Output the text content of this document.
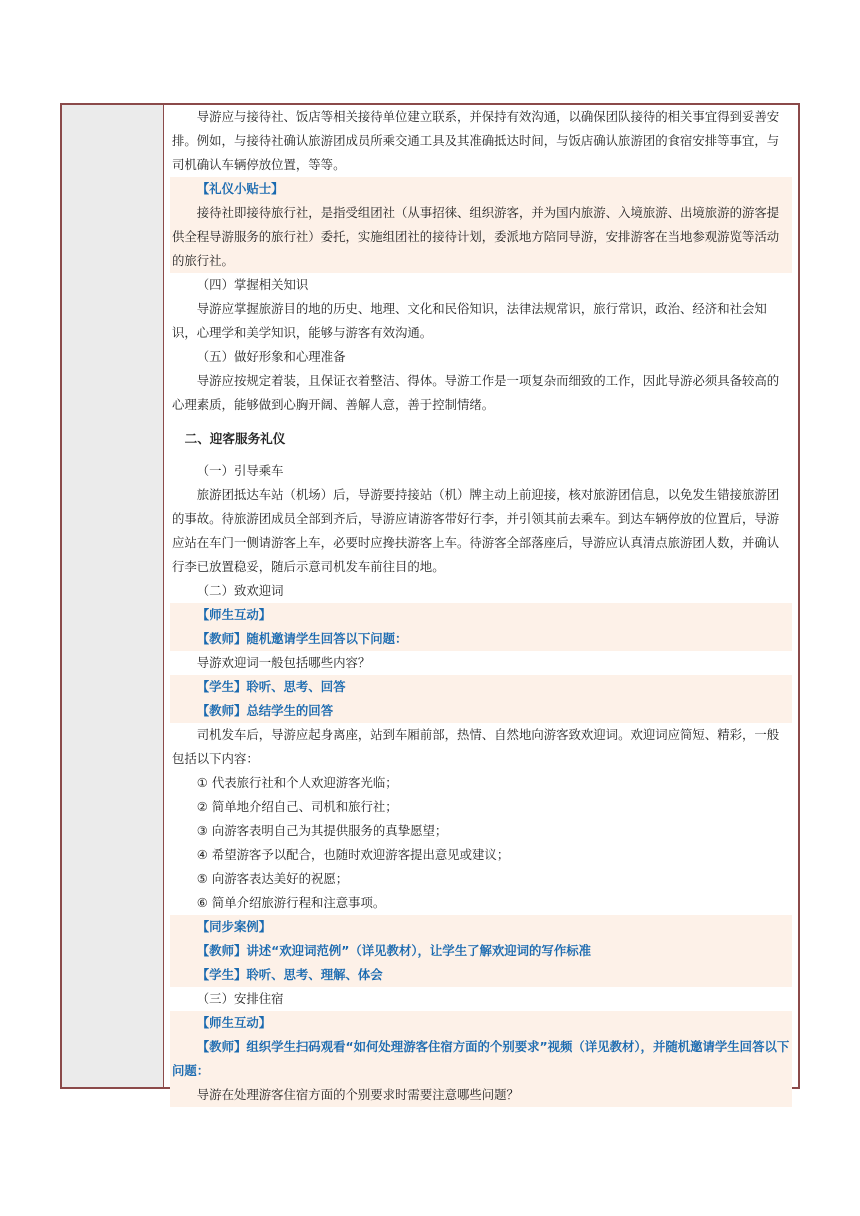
导游应与接待社、饭店等相关接待单位建立联系，并保持有效沟通，以确保团队接待的相关事宜得到妥善安排。例如，与接待社确认旅游团成员所乘交通工具及其准确抵达时间，与饭店确认旅游团的食宿安排等事宜，与司机确认车辆停放位置，等等。

【礼仪小贴士】

接待社即接待旅行社，是指受组团社（从事招徕、组织游客，并为国内旅游、入境旅游、出境旅游的游客提供全程导游服务的旅行社）委托，实施组团社的接待计划，委派地方陪同导游，安排游客在当地参观游览等活动的旅行社。

（四）掌握相关知识

导游应掌握旅游目的地的历史、地理、文化和民俗知识，法律法规常识，旅行常识，政治、经济和社会知识，心理学和美学知识，能够与游客有效沟通。

（五）做好形象和心理准备

导游应按规定着装，且保证衣着整洁、得体。导游工作是一项复杂而细致的工作，因此导游必须具备较高的心理素质，能够做到心胸开阔、善解人意，善于控制情绪。

二、迎客服务礼仪

（一）引导乘车

旅游团抵达车站（机场）后，导游要持接站（机）牌主动上前迎接，核对旅游团信息，以免发生错接旅游团的事故。待旅游团成员全部到齐后，导游应请游客带好行李，并引领其前去乘车。到达车辆停放的位置后，导游应站在车门一侧请游客上车，必要时应搀扶游客上车。待游客全部落座后，导游应认真清点旅游团人数，并确认行李已放置稳妥，随后示意司机发车前往目的地。

（二）致欢迎词

【师生互动】

【教师】随机邀请学生回答以下问题：

导游欢迎词一般包括哪些内容？

【学生】聆听、思考、回答

【教师】总结学生的回答

司机发车后，导游应起身离座，站到车厢前部，热情、自然地向游客致欢迎词。欢迎词应简短、精彩，一般包括以下内容：

① 代表旅行社和个人欢迎游客光临；

② 简单地介绍自己、司机和旅行社；

③ 向游客表明自己为其提供服务的真挚愿望；

④ 希望游客予以配合，也随时欢迎游客提出意见或建议；

⑤ 向游客表达美好的祝愿；

⑥ 简单介绍旅游行程和注意事项。

【同步案例】

【教师】讲述“欢迎词范例”（详见教材），让学生了解欢迎词的写作标准

【学生】聆听、思考、理解、体会

（三）安排住宿

【师生互动】

【教师】组织学生扫码观看“如何处理游客住宿方面的个别要求”视频（详见教材），并随机邀请学生回答以下问题：

导游在处理游客住宿方面的个别要求时需要注意哪些问题？
